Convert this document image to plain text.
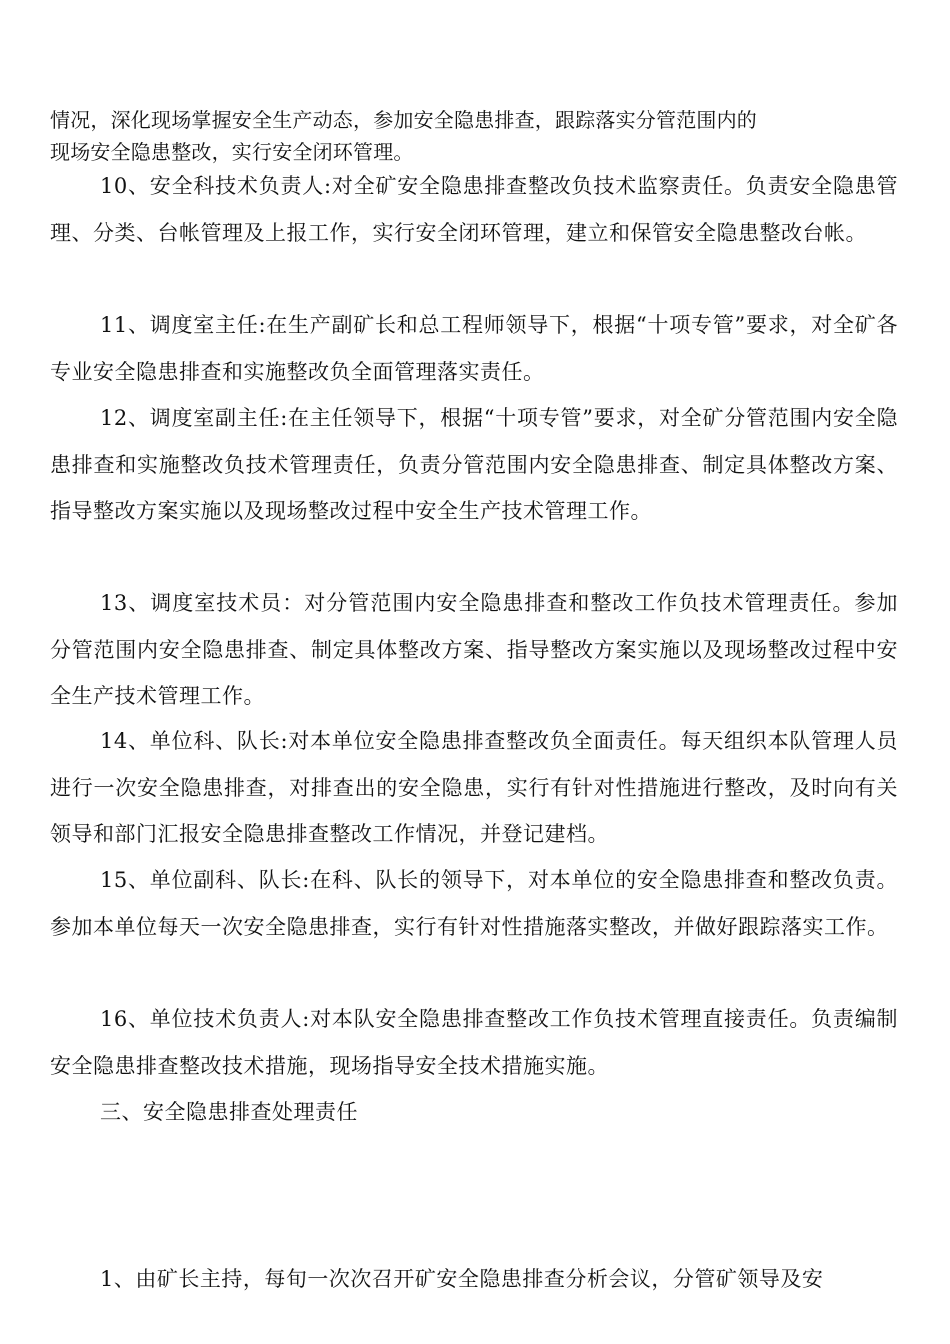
情况，深化现场掌握安全生产动态，参加安全隐患排查，跟踪落实分管范围内的
现场安全隐患整改，实行安全闭环管理。

10、安全科技术负责人:对全矿安全隐患排查整改负技术监察责任。负责安全隐患管理、分类、台帐管理及上报工作，实行安全闭环管理，建立和保管安全隐患整改台帐。

11、调度室主任:在生产副矿长和总工程师领导下，根据“十项专管”要求，对全矿各专业安全隐患排查和实施整改负全面管理落实责任。

12、调度室副主任:在主任领导下，根据“十项专管”要求，对全矿分管范围内安全隐患排查和实施整改负技术管理责任，负责分管范围内安全隐患排查、制定具体整改方案、指导整改方案实施以及现场整改过程中安全生产技术管理工作。

13、调度室技术员：对分管范围内安全隐患排查和整改工作负技术管理责任。参加分管范围内安全隐患排查、制定具体整改方案、指导整改方案实施以及现场整改过程中安全生产技术管理工作。

14、单位科、队长:对本单位安全隐患排查整改负全面责任。每天组织本队管理人员进行一次安全隐患排查，对排查出的安全隐患，实行有针对性措施进行整改，及时向有关领导和部门汇报安全隐患排查整改工作情况，并登记建档。

15、单位副科、队长:在科、队长的领导下，对本单位的安全隐患排查和整改负责。参加本单位每天一次安全隐患排查，实行有针对性措施落实整改，并做好跟踪落实工作。

16、单位技术负责人:对本队安全隐患排查整改工作负技术管理直接责任。负责编制安全隐患排查整改技术措施，现场指导安全技术措施实施。

三、安全隐患排查处理责任

1、由矿长主持，每旬一次次召开矿安全隐患排查分析会议，分管矿领导及安
